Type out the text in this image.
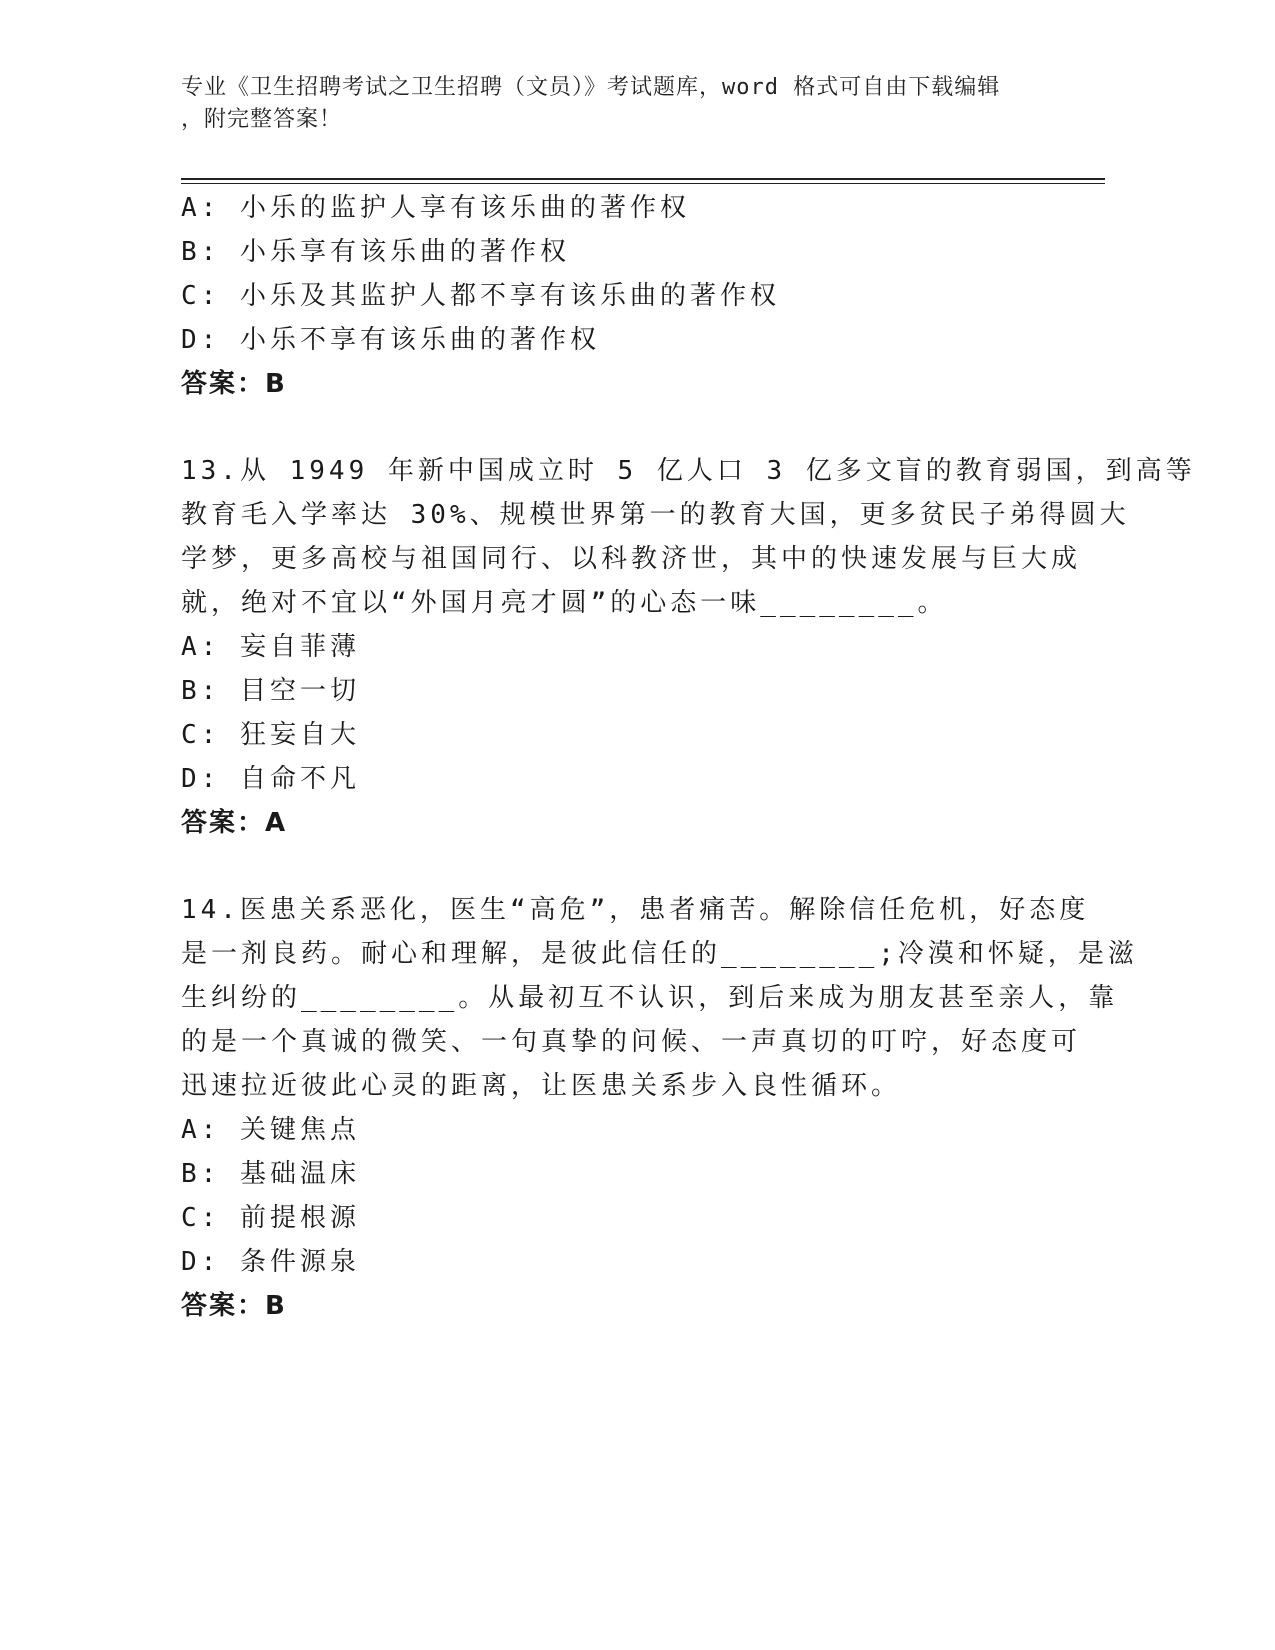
专业《卫生招聘考试之卫生招聘（文员）》考试题库，word 格式可自由下载编辑
，附完整答案！
A: 小乐的监护人享有该乐曲的著作权
B: 小乐享有该乐曲的著作权
C: 小乐及其监护人都不享有该乐曲的著作权
D: 小乐不享有该乐曲的著作权
答案：B
13.从 1949 年新中国成立时 5 亿人口 3 亿多文盲的教育弱国，到高等
教育毛入学率达 30%、规模世界第一的教育大国，更多贫民子弟得圆大
学梦，更多高校与祖国同行、以科教济世，其中的快速发展与巨大成
就，绝对不宜以“外国月亮才圆”的心态一味________。
A: 妄自菲薄
B: 目空一切
C: 狂妄自大
D: 自命不凡
答案：A
14.医患关系恶化，医生“高危”，患者痛苦。解除信任危机，好态度
是一剂良药。耐心和理解，是彼此信任的________;冷漠和怀疑，是滋
生纠纷的________。从最初互不认识，到后来成为朋友甚至亲人，靠
的是一个真诚的微笑、一句真挚的问候、一声真切的叮咛，好态度可
迅速拉近彼此心灵的距离，让医患关系步入良性循环。
A: 关键焦点
B: 基础温床
C: 前提根源
D: 条件源泉
答案：B
